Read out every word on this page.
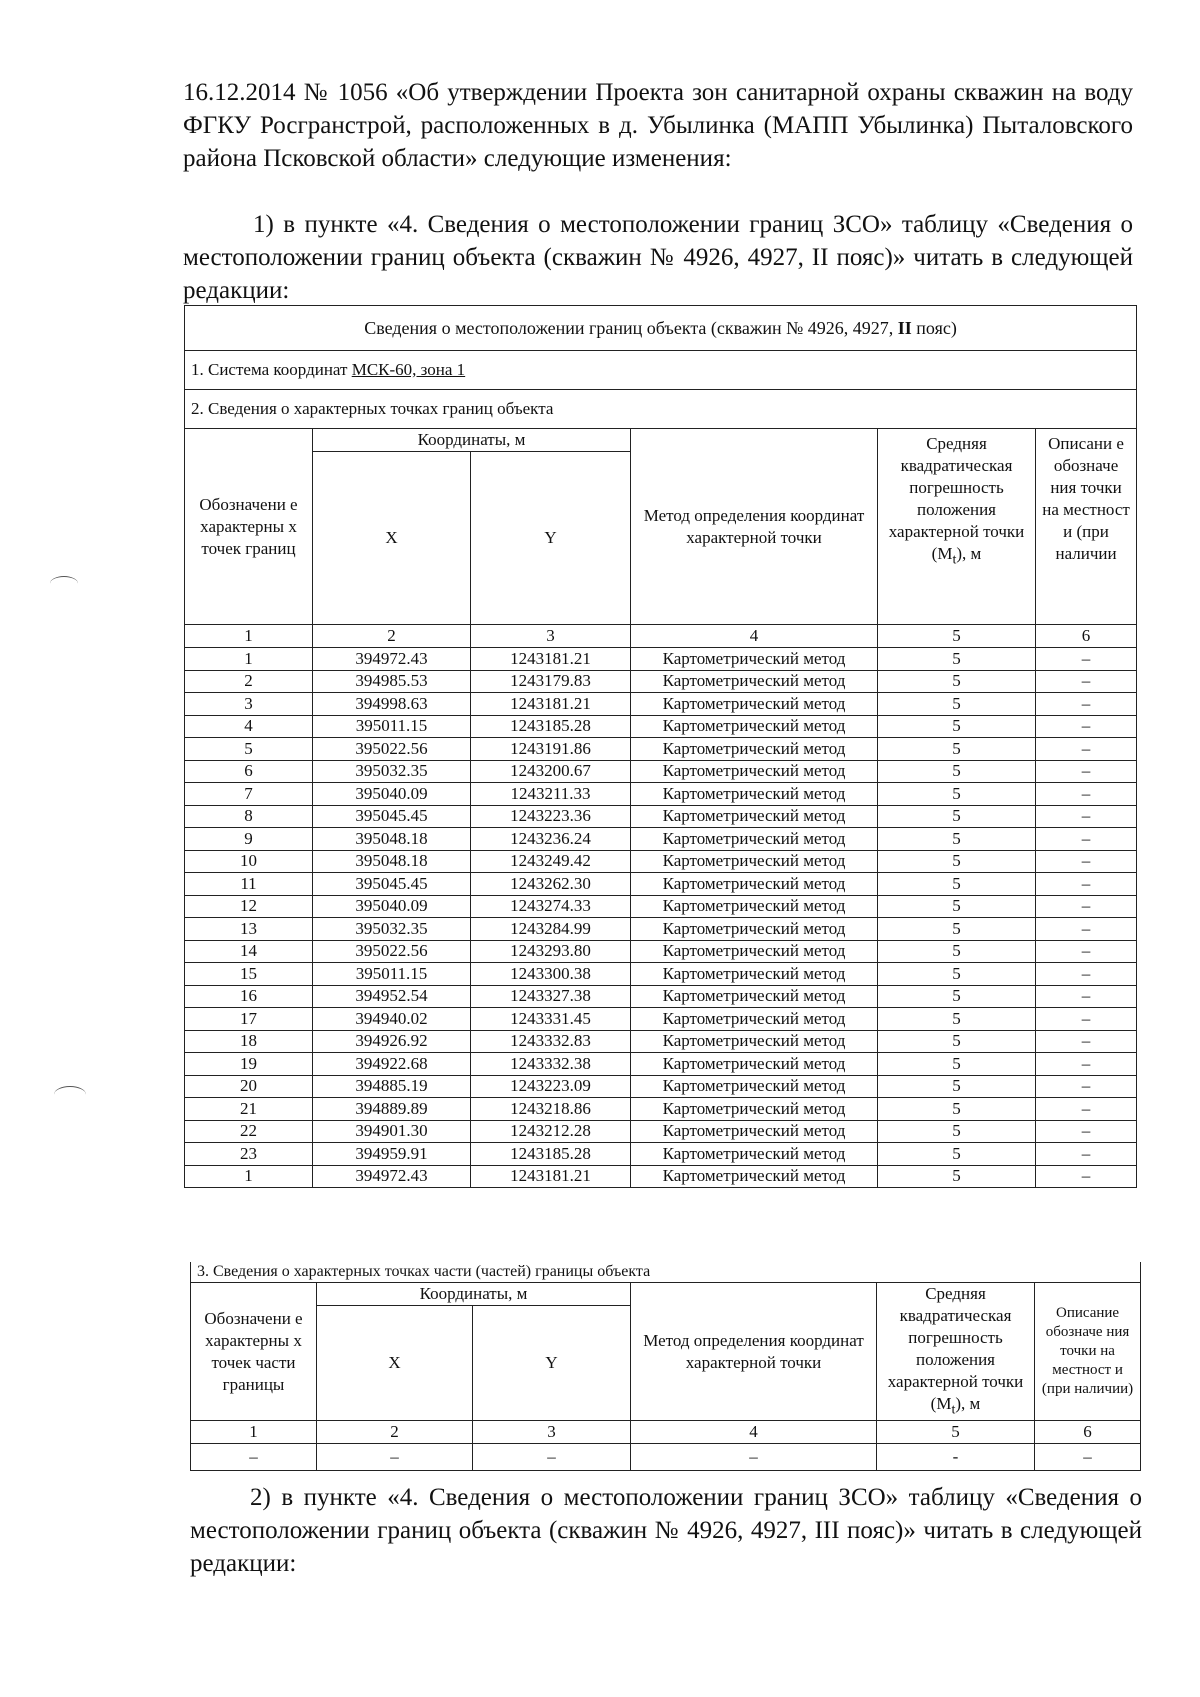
16.12.2014 № 1056 «Об утверждении Проекта зон санитарной охраны скважин на воду ФГКУ Росгранстрой, расположенных в д. Убылинка (МАПП Убылинка) Пыталовского района Псковской области» следующие изменения:

1) в пункте «4. Сведения о местоположении границ ЗСО» таблицу «Сведения о местоположении границ объекта (скважин № 4926, 4927, II пояс)» читать в следующей редакции:

Сведения о местоположении границ объекта (скважин № 4926, 4927, II пояс)					
1. Система координат МСК-60, зона 1					
2. Сведения о характерных точках границ объекта					
Обозначени е характерны х точек границ	Координаты, м		Метод определения координат характерной точки	Средняя квадратическая погрешность положения характерной точки $(M_t)$, м	Описани е обозначе ния точки на местност и (при наличии
	X	Y			
1	2	3	4	5	6
1	394972.43	1243181.21	Картометрический метод	5	–
2	394985.53	1243179.83	Картометрический метод	5	–
3	394998.63	1243181.21	Картометрический метод	5	–
4	395011.15	1243185.28	Картометрический метод	5	–
5	395022.56	1243191.86	Картометрический метод	5	–
6	395032.35	1243200.67	Картометрический метод	5	–
7	395040.09	1243211.33	Картометрический метод	5	–
8	395045.45	1243223.36	Картометрический метод	5	–
9	395048.18	1243236.24	Картометрический метод	5	–
10	395048.18	1243249.42	Картометрический метод	5	–
11	395045.45	1243262.30	Картометрический метод	5	–
12	395040.09	1243274.33	Картометрический метод	5	–
13	395032.35	1243284.99	Картометрический метод	5	–
14	395022.56	1243293.80	Картометрический метод	5	–
15	395011.15	1243300.38	Картометрический метод	5	–
16	394952.54	1243327.38	Картометрический метод	5	–
17	394940.02	1243331.45	Картометрический метод	5	–
18	394926.92	1243332.83	Картометрический метод	5	–
19	394922.68	1243332.38	Картометрический метод	5	–
20	394885.19	1243223.09	Картометрический метод	5	–
21	394889.89	1243218.86	Картометрический метод	5	–
22	394901.30	1243212.28	Картометрический метод	5	–
23	394959.91	1243185.28	Картометрический метод	5	–
1	394972.43	1243181.21	Картометрический метод	5	–
3. Сведения о характерных точках части (частей) границы объекта					
Обозначени е характерны х точек части границы	Координаты, м		Метод определения координат характерной точки	Средняя квадратическая погрешность положения характерной точки $(M_t)$, м	Описание обозначе ния точки на местност и (при наличии)
	X	Y			
1	2	3	4	5	6
–	–	–	–	-	–

2) в пункте «4. Сведения о местоположении границ ЗСО» таблицу «Сведения о местоположении границ объекта (скважин № 4926, 4927, III пояс)» читать в следующей редакции:
